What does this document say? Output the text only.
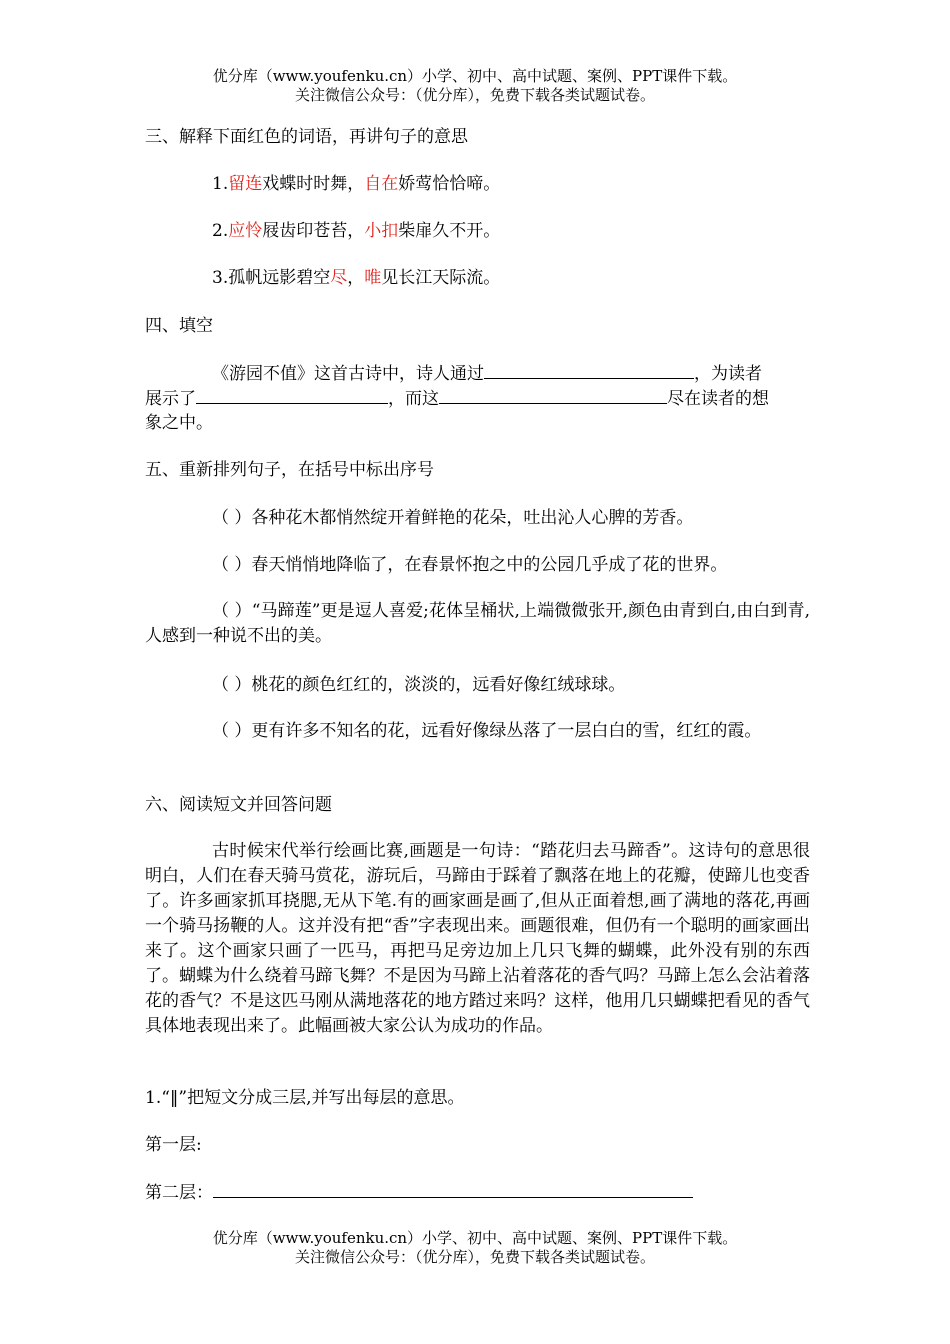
优分库（www.youfenku.cn）小学、初中、高中试题、案例、PPT课件下载。
关注微信公众号：（优分库），免费下载各类试题试卷。
三、解释下面红色的词语，再讲句子的意思
1.留连戏蝶时时舞，自在娇莺恰恰啼。
2.应怜屐齿印苍苔，小扣柴扉久不开。
3.孤帆远影碧空尽，唯见长江天际流。
四、填空
《游园不值》这首古诗中，诗人通过	，为读者
展示了	，而这	尽在读者的想
象之中。
五、重新排列句子，在括号中标出序号
（ ）各种花木都悄然绽开着鲜艳的花朵，吐出沁人心脾的芳香。
（ ）春天悄悄地降临了，在春景怀抱之中的公园几乎成了花的世界。
（ ）“马蹄莲”更是逗人喜爱;花体呈桶状,上端微微张开,颜色由青到白,由白到青,人感到一种说不出的美。
（ ）桃花的颜色红红的，淡淡的，远看好像红绒球球。
（ ）更有许多不知名的花，远看好像绿丛落了一层白白的雪，红红的霞。
六、阅读短文并回答问题
古时候宋代举行绘画比赛,画题是一句诗：“踏花归去马蹄香”。这诗句的意思很明白，人们在春天骑马赏花，游玩后，马蹄由于踩着了飘落在地上的花瓣，使蹄儿也变香了。许多画家抓耳挠腮,无从下笔.有的画家画是画了,但从正面着想,画了满地的落花,再画一个骑马扬鞭的人。这并没有把“香”字表现出来。画题很难，但仍有一个聪明的画家画出来了。这个画家只画了一匹马，再把马足旁边加上几只飞舞的蝴蝶，此外没有别的东西了。蝴蝶为什么绕着马蹄飞舞？不是因为马蹄上沾着落花的香气吗？马蹄上怎么会沾着落花的香气？不是这匹马刚从满地落花的地方踏过来吗？这样，他用几只蝴蝶把看见的香气具体地表现出来了。此幅画被大家公认为成功的作品。
1.“‖”把短文分成三层,并写出每层的意思。
第一层:
第二层：
优分库（www.youfenku.cn）小学、初中、高中试题、案例、PPT课件下载。
关注微信公众号：（优分库），免费下载各类试题试卷。
